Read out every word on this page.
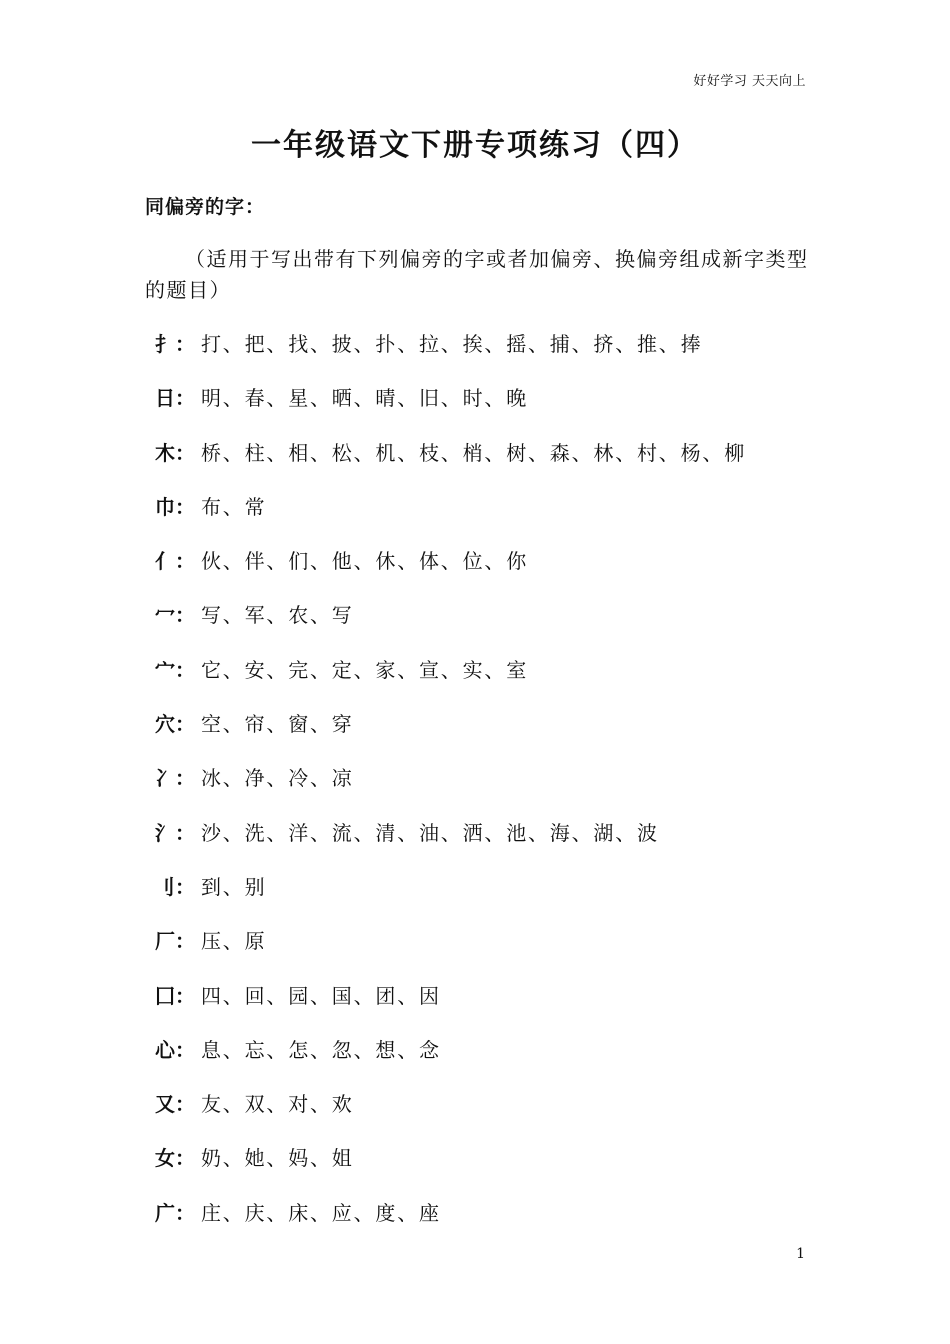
好好学习 天天向上
一年级语文下册专项练习（四）
同偏旁的字：
（适用于写出带有下列偏旁的字或者加偏旁、换偏旁组成新字类型的题目）
扌： 打、把、找、披、扑、拉、挨、摇、捕、挤、推、捧
日： 明、春、星、晒、晴、旧、时、晚
木： 桥、柱、相、松、机、枝、梢、树、森、林、村、杨、柳
巾： 布、常
亻： 伙、伴、们、他、休、体、位、你
冖： 写、军、农、写
宀： 它、安、完、定、家、宣、实、室
穴： 空、帘、窗、穿
冫： 冰、净、冷、凉
氵： 沙、洗、洋、流、清、油、洒、池、海、湖、波
刂： 到、别
厂： 压、原
囗： 四、回、园、国、团、因
心： 息、忘、怎、忽、想、念
又： 友、双、对、欢
女： 奶、她、妈、姐
广： 庄、庆、床、应、度、座
1
